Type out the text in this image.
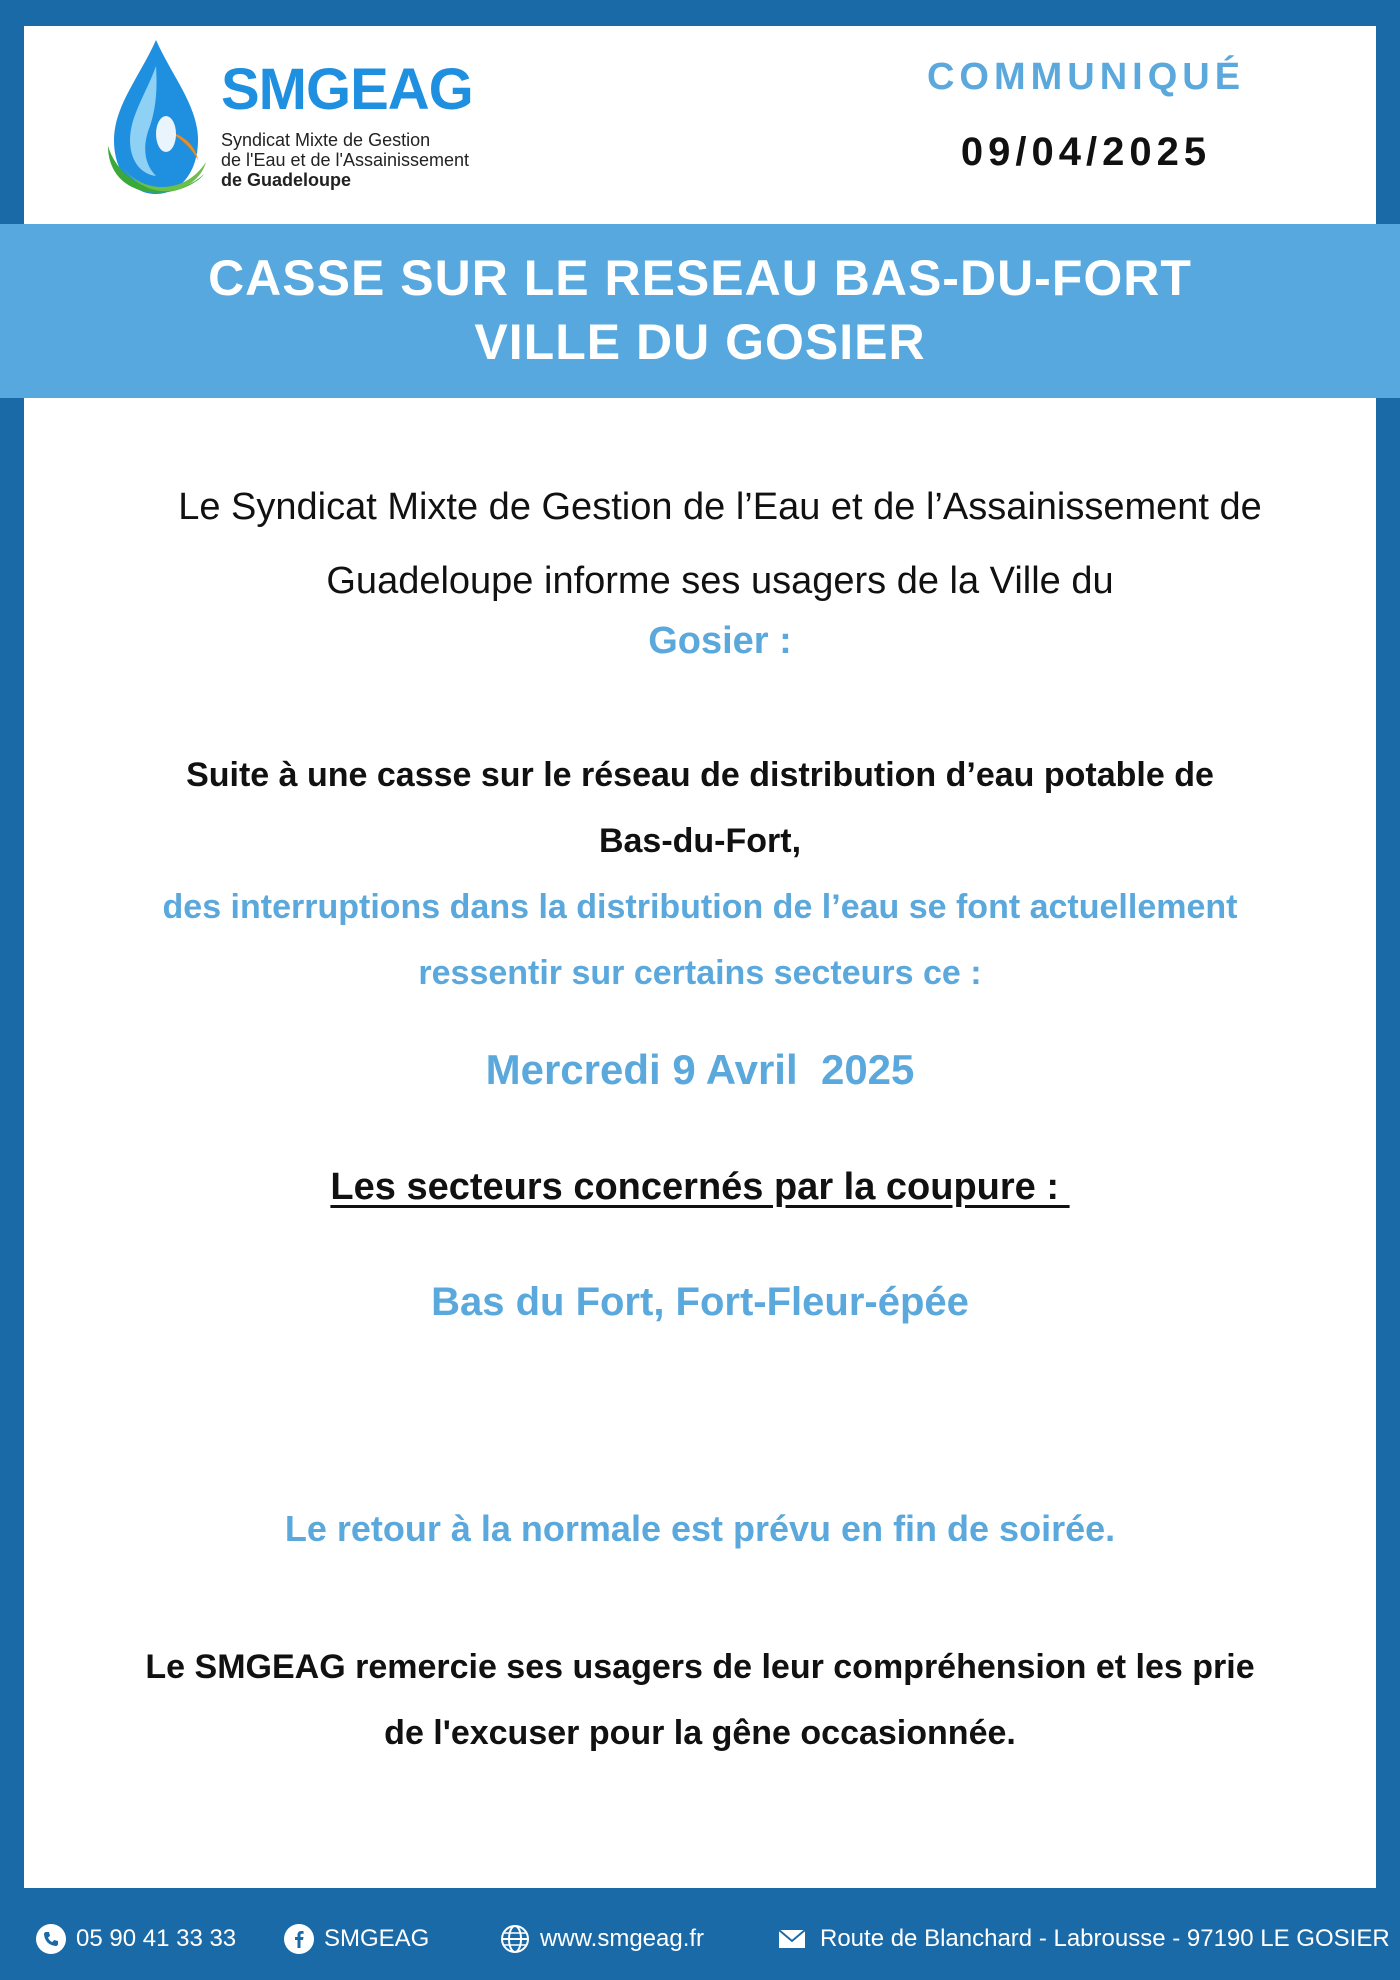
SMGEAG
Syndicat Mixte de Gestion
de l'Eau et de l'Assainissement
de Guadeloupe
COMMUNIQUÉ
09/04/2025
CASSE SUR LE RESEAU BAS-DU-FORT
VILLE DU GOSIER
Le Syndicat Mixte de Gestion de l’Eau et de l’Assainissement de
Guadeloupe informe ses usagers de la Ville du
Gosier :
Suite à une casse sur le réseau de distribution d’eau potable de
Bas-du-Fort,
des interruptions dans la distribution de l’eau se font actuellement
ressentir sur certains secteurs ce :
Mercredi 9 Avril  2025
Les secteurs concernés par la coupure :
Bas du Fort, Fort-Fleur-épée
Le retour à la normale est prévu en fin de soirée.
Le SMGEAG remercie ses usagers de leur compréhension et les prie
de l'excuser pour la gêne occasionnée.
05 90 41 33 33	SMGEAG	www.smgeag.fr	Route de Blanchard - Labrousse - 97190 LE GOSIER
